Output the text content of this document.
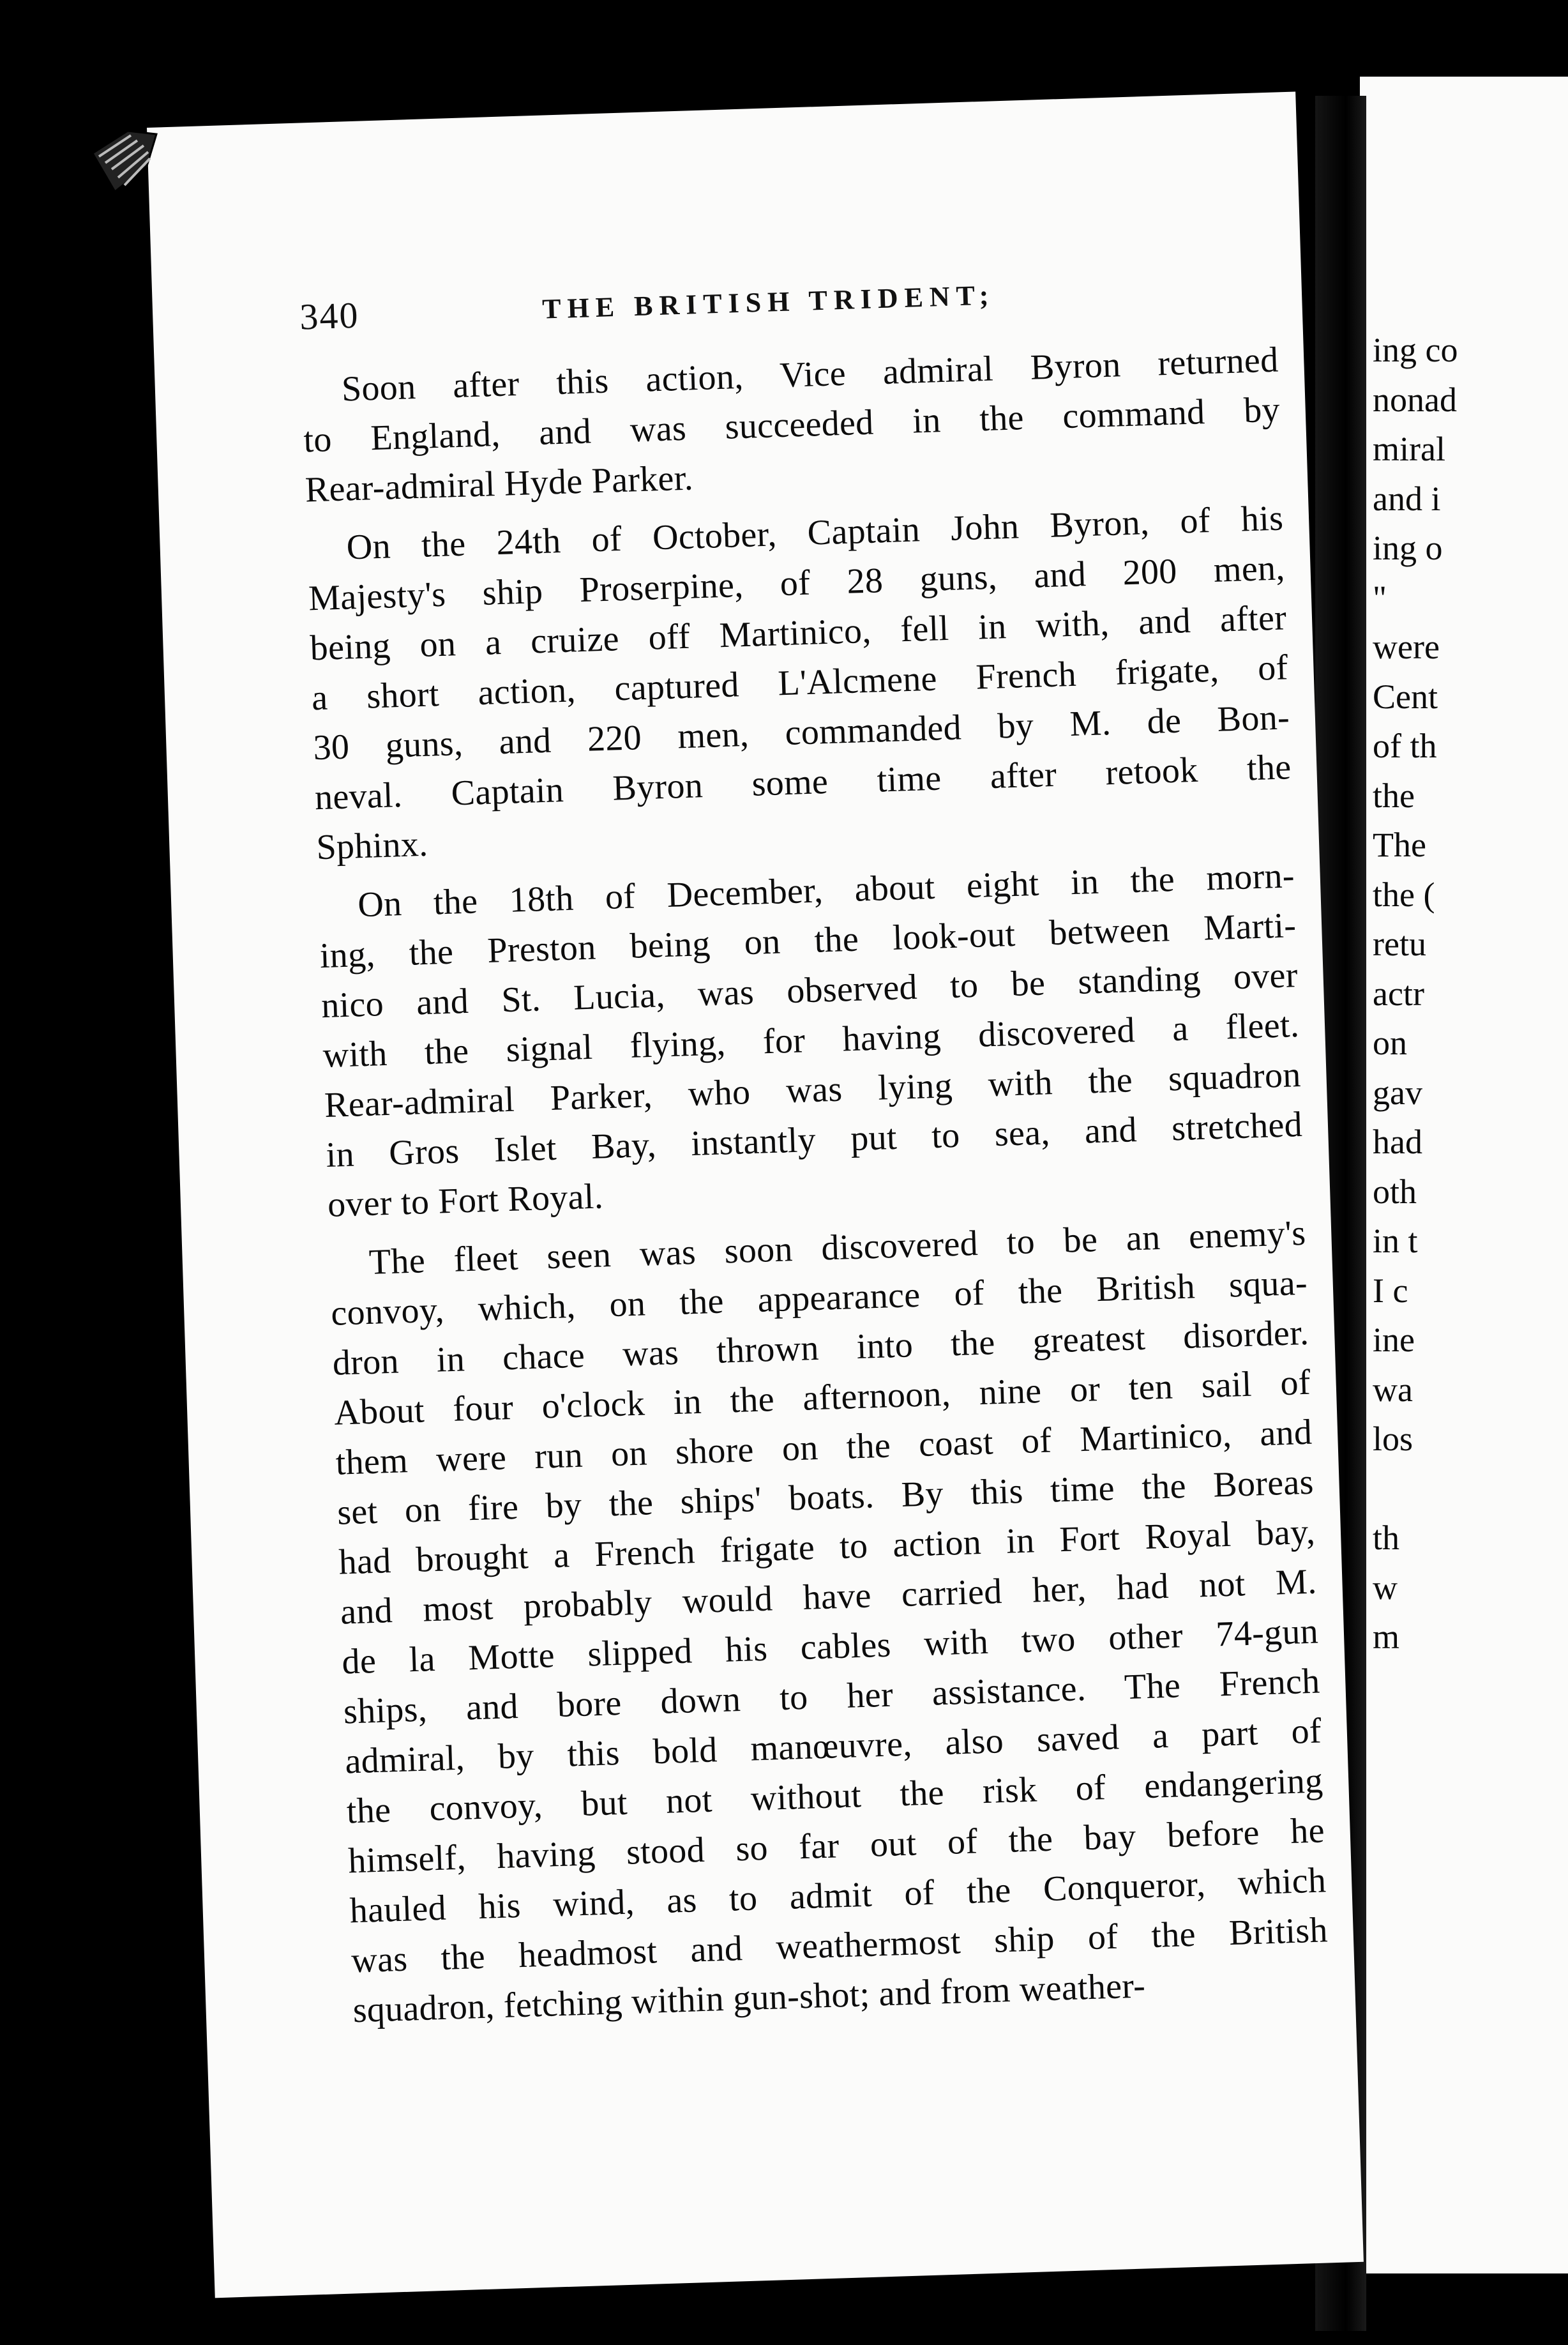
ing co
nonad
miral
and i
ing o
"
were
Cent
of th
the
The
the (
retu
actr
on
gav
had
oth
in t
I c
ine
wa
los
th
w
m
340	THE BRITISH TRIDENT;
Soon after this action, Vice admiral Byron returned
to England, and was succeeded in the command by
Rear-admiral Hyde Parker.
On the 24th of October, Captain John Byron, of his
Majesty's ship Proserpine, of 28 guns, and 200 men,
being on a cruize off Martinico, fell in with, and after
a short action, captured L'Alcmene French frigate, of
30 guns, and 220 men, commanded by M. de Bon-
neval. Captain Byron some time after retook the
Sphinx.
On the 18th of December, about eight in the morn-
ing, the Preston being on the look-out between Marti-
nico and St. Lucia, was observed to be standing over
with the signal flying, for having discovered a fleet.
Rear-admiral Parker, who was lying with the squadron
in Gros Islet Bay, instantly put to sea, and stretched
over to Fort Royal.
The fleet seen was soon discovered to be an enemy's
convoy, which, on the appearance of the British squa-
dron in chace was thrown into the greatest disorder.
About four o'clock in the afternoon, nine or ten sail of
them were run on shore on the coast of Martinico, and
set on fire by the ships' boats. By this time the Boreas
had brought a French frigate to action in Fort Royal bay,
and most probably would have carried her, had not M.
de la Motte slipped his cables with two other 74-gun
ships, and bore down to her assistance. The French
admiral, by this bold manœuvre, also saved a part of
the convoy, but not without the risk of endangering
himself, having stood so far out of the bay before he
hauled his wind, as to admit of the Conqueror, which
was the headmost and weathermost ship of the British
squadron, fetching within gun-shot; and from weather-
